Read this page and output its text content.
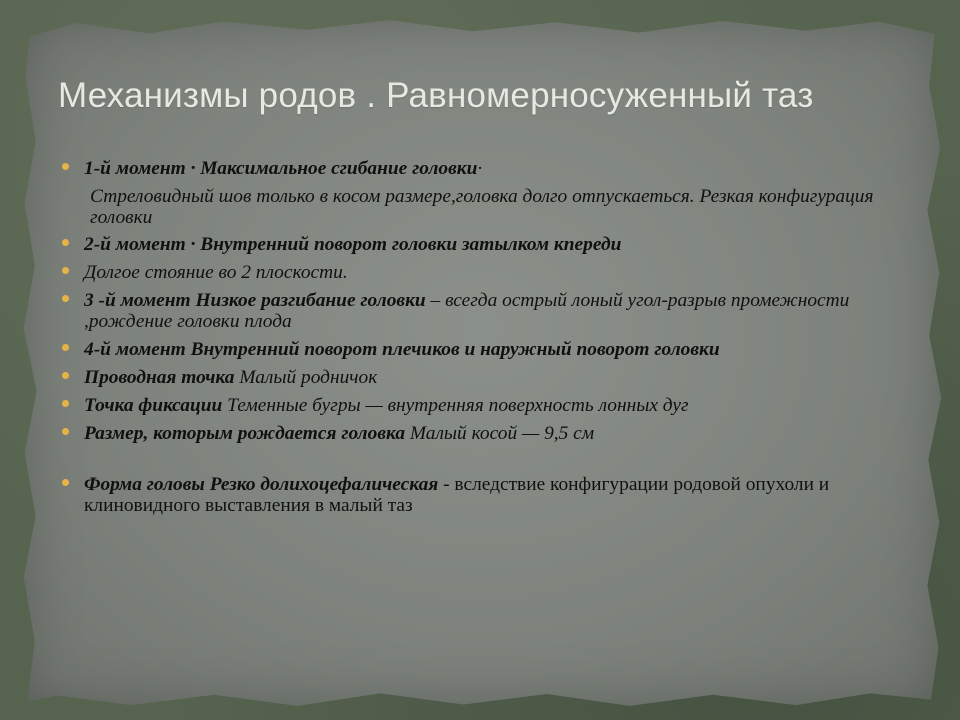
Механизмы родов . Равномерносуженный таз
1-й момент · Максимальное сгибание головки·
Стреловидный шов только в косом размере,головка долго отпускаеться. Резкая конфигурация головки
2-й момент · Внутренний поворот головки затылком кпереди
Долгое стояние во 2 плоскости.
3 -й момент Низкое разгибание головки – всегда острый лоный угол-разрыв промежности ,рождение головки плода
4-й момент Внутренний поворот плечиков и наружный поворот головки
Проводная точка Малый родничок
Точка фиксации Теменные бугры — внутренняя поверхность лонных дуг
Размер, которым рождается головка Малый косой — 9,5 см
Форма головы Резко долихоцефалическая - вследствие конфигурации родовой опухоли и клиновидного выставления в малый таз
